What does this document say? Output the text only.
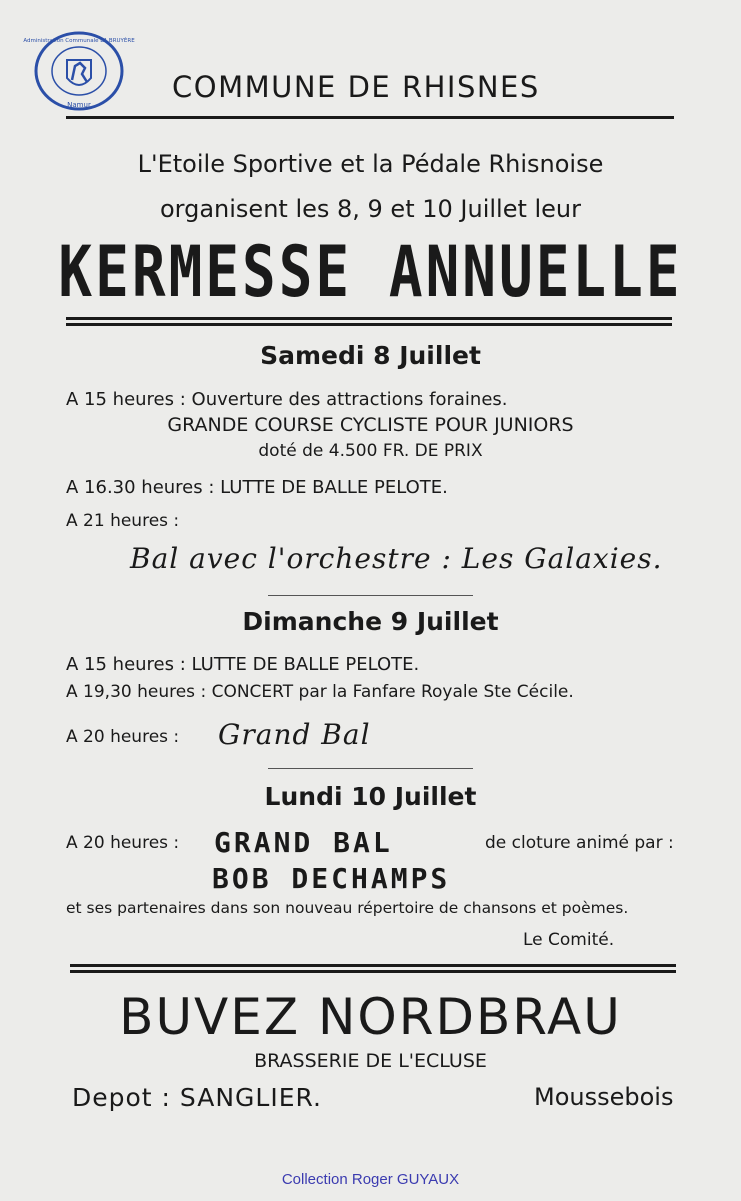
Namur
Administration Communale LA BRUYÈRE
COMMUNE DE RHISNES
L'Etoile Sportive et la Pédale Rhisnoise
organisent les 8, 9 et 10 Juillet leur
KERMESSE ANNUELLE
Samedi 8 Juillet
A 15 heures : Ouverture des attractions foraines.
GRANDE COURSE CYCLISTE POUR JUNIORS
doté de 4.500 FR. DE PRIX
A 16.30 heures : LUTTE DE BALLE PELOTE.
A 21 heures :
Bal avec l'orchestre : Les Galaxies.
Dimanche 9 Juillet
A 15 heures : LUTTE DE BALLE PELOTE.
A 19,30 heures : CONCERT par la Fanfare Royale Ste Cécile.
A 20 heures : Grand Bal
Lundi 10 Juillet
A 20 heures : GRAND BAL	de cloture animé par :
BOB DECHAMPS
et ses partenaires dans son nouveau répertoire de chansons et poèmes.
Le Comité.
BUVEZ NORDBRAU
BRASSERIE DE L'ECLUSE
Depot : SANGLIER.	Moussebois
Collection Roger GUYAUX
